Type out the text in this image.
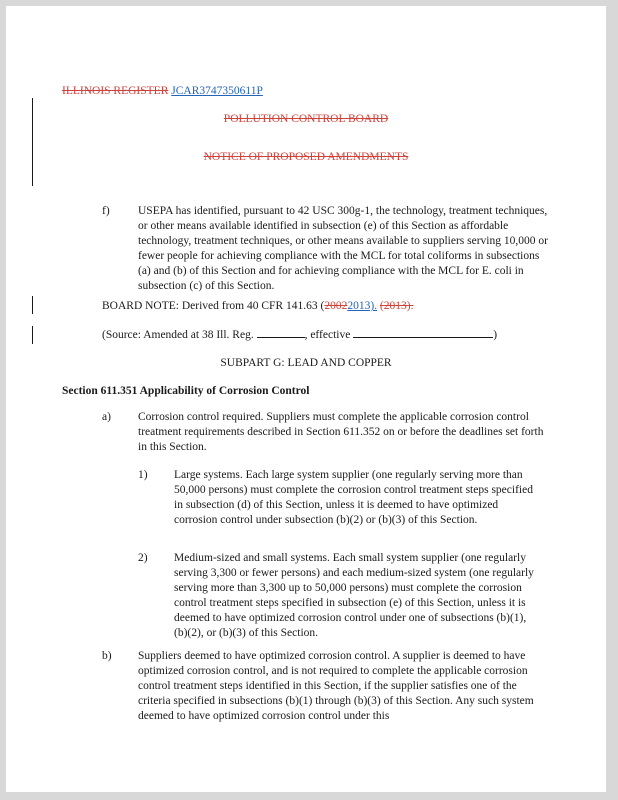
ILLINOIS REGISTER JCAR3747350611P
POLLUTION CONTROL BOARD
NOTICE OF PROPOSED AMENDMENTS
f) USEPA has identified, pursuant to 42 USC 300g-1, the technology, treatment techniques, or other means available identified in subsection (e) of this Section as affordable technology, treatment techniques, or other means available to suppliers serving 10,000 or fewer people for achieving compliance with the MCL for total coliforms in subsections (a) and (b) of this Section and for achieving compliance with the MCL for E. coli in subsection (c) of this Section.
BOARD NOTE: Derived from 40 CFR 141.63 (20022013). (2013).
(Source: Amended at 38 Ill. Reg.	, effective	)
SUBPART G: LEAD AND COPPER
Section 611.351 Applicability of Corrosion Control
a) Corrosion control required. Suppliers must complete the applicable corrosion control treatment requirements described in Section 611.352 on or before the deadlines set forth in this Section.
1) Large systems. Each large system supplier (one regularly serving more than 50,000 persons) must complete the corrosion control treatment steps specified in subsection (d) of this Section, unless it is deemed to have optimized corrosion control under subsection (b)(2) or (b)(3) of this Section.
2) Medium-sized and small systems. Each small system supplier (one regularly serving 3,300 or fewer persons) and each medium-sized system (one regularly serving more than 3,300 up to 50,000 persons) must complete the corrosion control treatment steps specified in subsection (e) of this Section, unless it is deemed to have optimized corrosion control under one of subsections (b)(1), (b)(2), or (b)(3) of this Section.
b) Suppliers deemed to have optimized corrosion control. A supplier is deemed to have optimized corrosion control, and is not required to complete the applicable corrosion control treatment steps identified in this Section, if the supplier satisfies one of the criteria specified in subsections (b)(1) through (b)(3) of this Section. Any such system deemed to have optimized corrosion control under this
